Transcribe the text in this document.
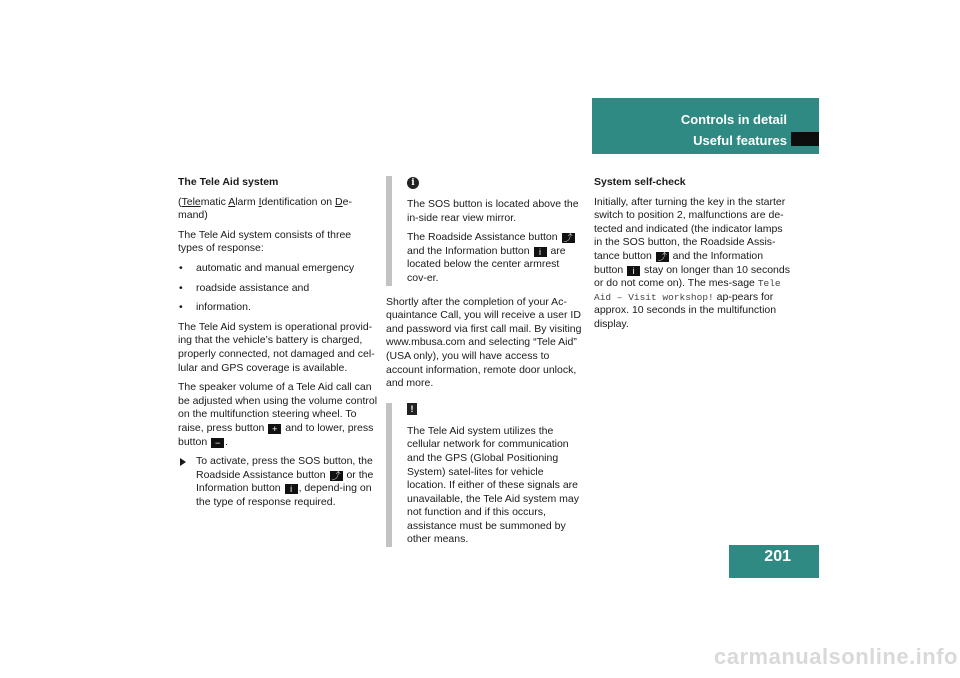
Controls in detail
Useful features

The Tele Aid system

(Telematic Alarm Identification on De-mand)

The Tele Aid system consists of three types of response:

• automatic and manual emergency

• roadside assistance and

• information.

The Tele Aid system is operational provid-ing that the vehicle’s battery is charged, properly connected, not damaged and cel-lular and GPS coverage is available.

The speaker volume of a Tele Aid call can be adjusted when using the volume control on the multifunction steering wheel. To raise, press button + and to lower, press button − .

To activate, press the SOS button, the Roadside Assistance button ⤴ or the Information button i , depend-ing on the type of response required.

i

The SOS button is located above the in-side rear view mirror.

The Roadside Assistance button ⤴ and the Information button i are located below the center armrest cov-er.

Shortly after the completion of your Ac-quaintance Call, you will receive a user ID and password via first call mail. By visiting www.mbusa.com and selecting “Tele Aid” (USA only), you will have access to account information, remote door unlock, and more.

!

The Tele Aid system utilizes the cellular network for communication and the GPS (Global Positioning System) satel-lites for vehicle location. If either of these signals are unavailable, the Tele Aid system may not function and if this occurs, assistance must be summoned by other means.

System self-check

Initially, after turning the key in the starter switch to position 2, malfunctions are de-tected and indicated (the indicator lamps in the SOS button, the Roadside Assis-tance button ⤴ and the Information button i stay on longer than 10 seconds or do not come on). The mes-sage Tele Aid – Visit workshop! ap-pears for approx. 10 seconds in the multifunction display.

201
carmanualsonline.info
